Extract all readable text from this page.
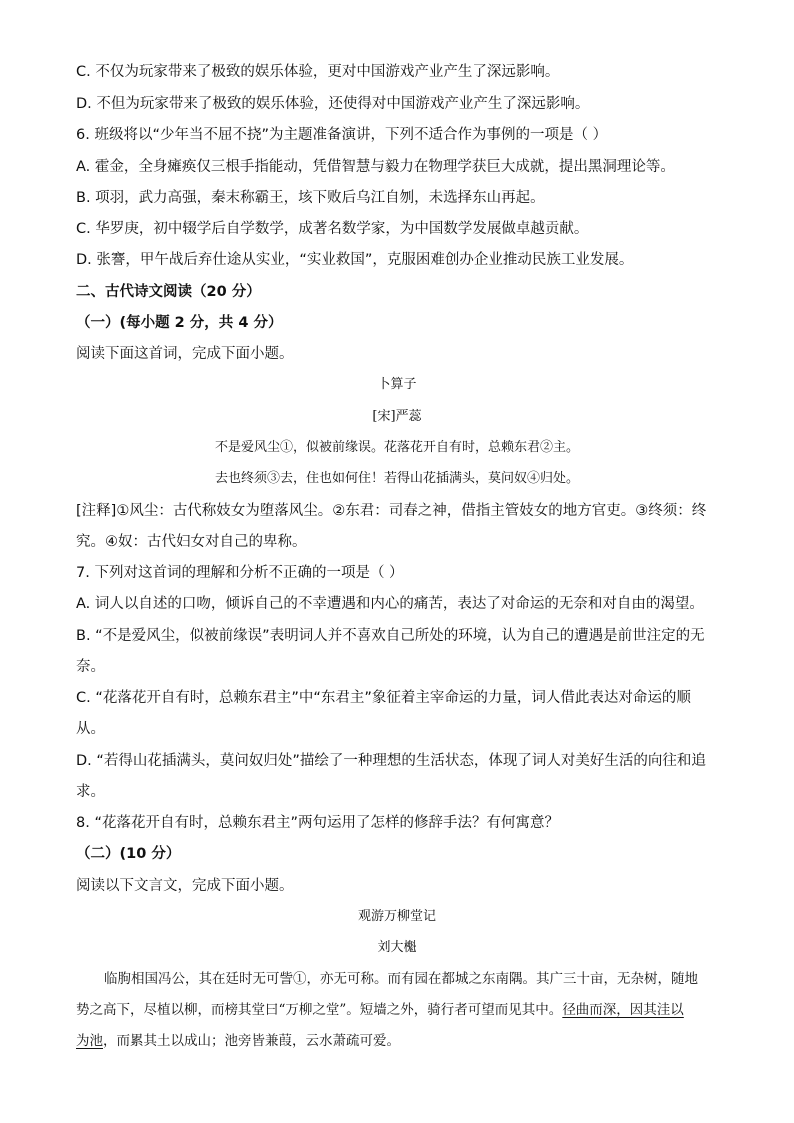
C. 不仅为玩家带来了极致的娱乐体验，更对中国游戏产业产生了深远影响。
D. 不但为玩家带来了极致的娱乐体验，还使得对中国游戏产业产生了深远影响。
6. 班级将以“少年当不屈不挠”为主题准备演讲，下列不适合作为事例的一项是（ ）
A. 霍金，全身瘫痪仅三根手指能动，凭借智慧与毅力在物理学获巨大成就，提出黑洞理论等。
B. 项羽，武力高强，秦末称霸王，垓下败后乌江自刎，未选择东山再起。
C. 华罗庚，初中辍学后自学数学，成著名数学家，为中国数学发展做卓越贡献。
D. 张謇，甲午战后弃仕途从实业，“实业救国”，克服困难创办企业推动民族工业发展。
二、古代诗文阅读（20 分）
（一）(每小题 2 分，共 4 分）
阅读下面这首词，完成下面小题。
卜算子
[宋]严蕊
不是爱风尘①，似被前缘误。花落花开自有时，总赖东君②主。
去也终须③去，住也如何住！若得山花插满头，莫问奴④归处。
[注释]①风尘：古代称妓女为堕落风尘。②东君：司春之神，借指主管妓女的地方官吏。③终须：终
究。④奴：古代妇女对自己的卑称。
7. 下列对这首词的理解和分析不正确的一项是（ ）
A. 词人以自述的口吻，倾诉自己的不幸遭遇和内心的痛苦，表达了对命运的无奈和对自由的渴望。
B. “不是爱风尘，似被前缘误”表明词人并不喜欢自己所处的环境，认为自己的遭遇是前世注定的无
奈。
C. “花落花开自有时，总赖东君主”中“东君主”象征着主宰命运的力量，词人借此表达对命运的顺
从。
D. “若得山花插满头，莫问奴归处”描绘了一种理想的生活状态，体现了词人对美好生活的向往和追
求。
8. “花落花开自有时，总赖东君主”两句运用了怎样的修辞手法？有何寓意？
（二）(10 分）
阅读以下文言文，完成下面小题。
观游万柳堂记
刘大櫆
临朐相国冯公，其在廷时无可訾①，亦无可称。而有园在都城之东南隅。其广三十亩，无杂树，随地
势之高下，尽植以柳，而榜其堂曰“万柳之堂”。短墙之外，骑行者可望而见其中。径曲而深，因其洼以
为池，而累其土以成山；池旁皆兼葭，云水萧疏可爱。
